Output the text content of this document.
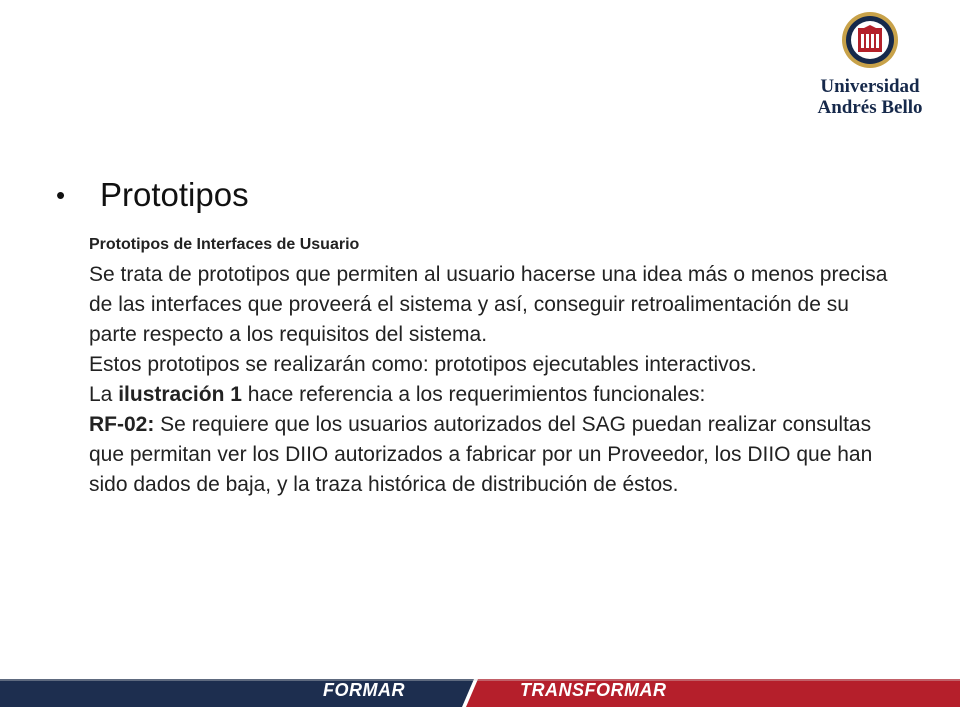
Universidad
Andrés Bello
•	Prototipos
Prototipos de Interfaces de Usuario
Se trata de prototipos que permiten al usuario hacerse una idea más o menos precisa de las interfaces que proveerá el sistema y así, conseguir retroalimentación de su parte respecto a los requisitos del sistema.
Estos prototipos se realizarán como: prototipos ejecutables interactivos.
La ilustración 1 hace referencia a los requerimientos funcionales:
RF-02: Se requiere que los usuarios autorizados del SAG puedan realizar consultas que permitan ver los DIIO autorizados a fabricar por un Proveedor, los DIIO que han sido dados de baja, y la traza histórica de distribución de éstos.
FORMAR	TRANSFORMAR
